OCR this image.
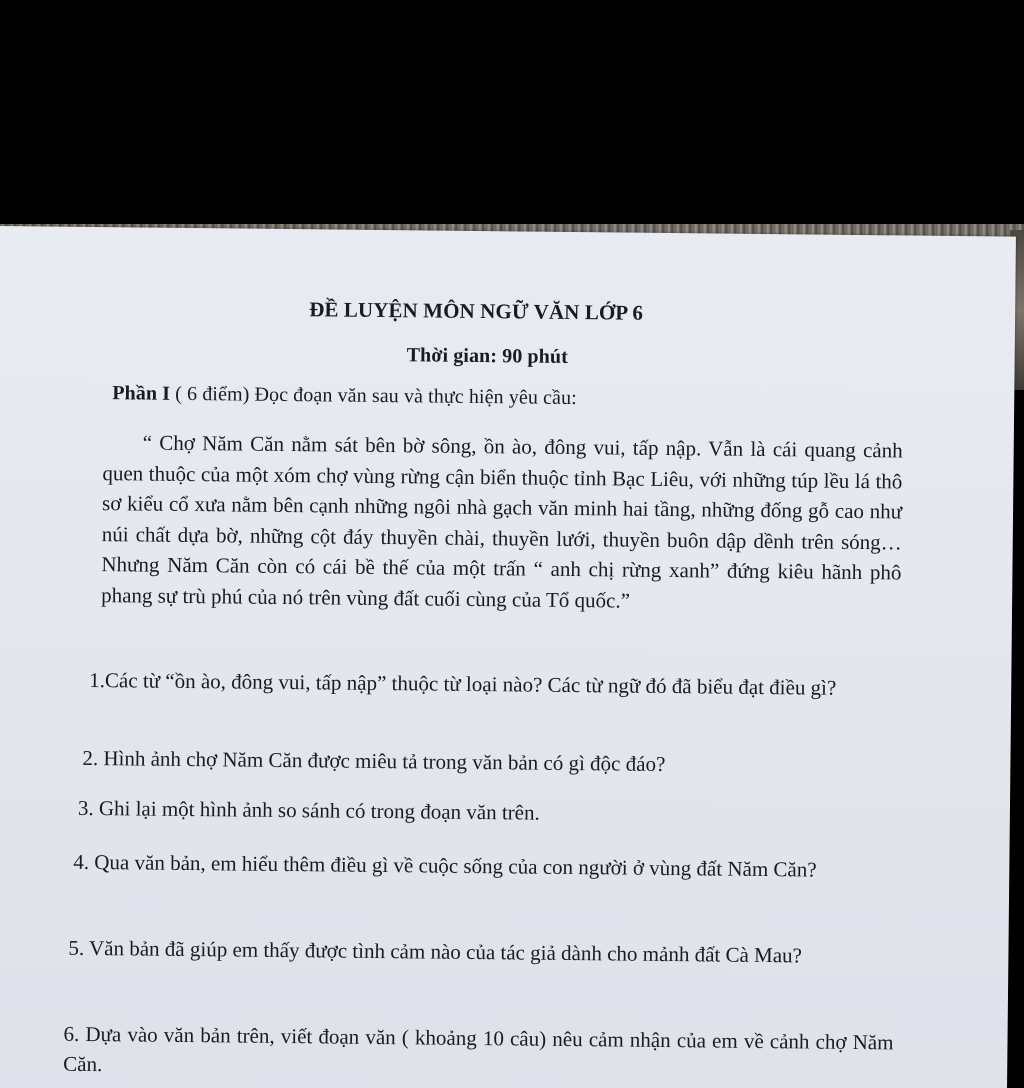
ĐỀ LUYỆN MÔN NGỮ VĂN LỚP 6
Thời gian: 90 phút
Phần I ( 6 điểm) Đọc đoạn văn sau và thực hiện yêu cầu:
“ Chợ Năm Căn nằm sát bên bờ sông, ồn ào, đông vui, tấp nập. Vẫn là cái quang cảnh quen thuộc của một xóm chợ vùng rừng cận biển thuộc tỉnh Bạc Liêu, với những túp lều lá thô sơ kiểu cổ xưa nằm bên cạnh những ngôi nhà gạch văn minh hai tầng, những đống gỗ cao như núi chất dựa bờ, những cột đáy thuyền chài, thuyền lưới, thuyền buôn dập dềnh trên sóng…Nhưng Năm Căn còn có cái bề thế của một trấn “ anh chị rừng xanh” đứng kiêu hãnh phô phang sự trù phú của nó trên vùng đất cuối cùng của Tổ quốc.”
1.Các từ “ồn ào, đông vui, tấp nập” thuộc từ loại nào? Các từ ngữ đó đã biểu đạt điều gì?
2. Hình ảnh chợ Năm Căn được miêu tả trong văn bản có gì độc đáo?
3. Ghi lại một hình ảnh so sánh có trong đoạn văn trên.
4. Qua văn bản, em hiểu thêm điều gì về cuộc sống của con người ở vùng đất Năm Căn?
5. Văn bản đã giúp em thấy được tình cảm nào của tác giả dành cho mảnh đất Cà Mau?
6. Dựa vào văn bản trên, viết đoạn văn ( khoảng 10 câu) nêu cảm nhận của em về cảnh chợ Năm Căn.
